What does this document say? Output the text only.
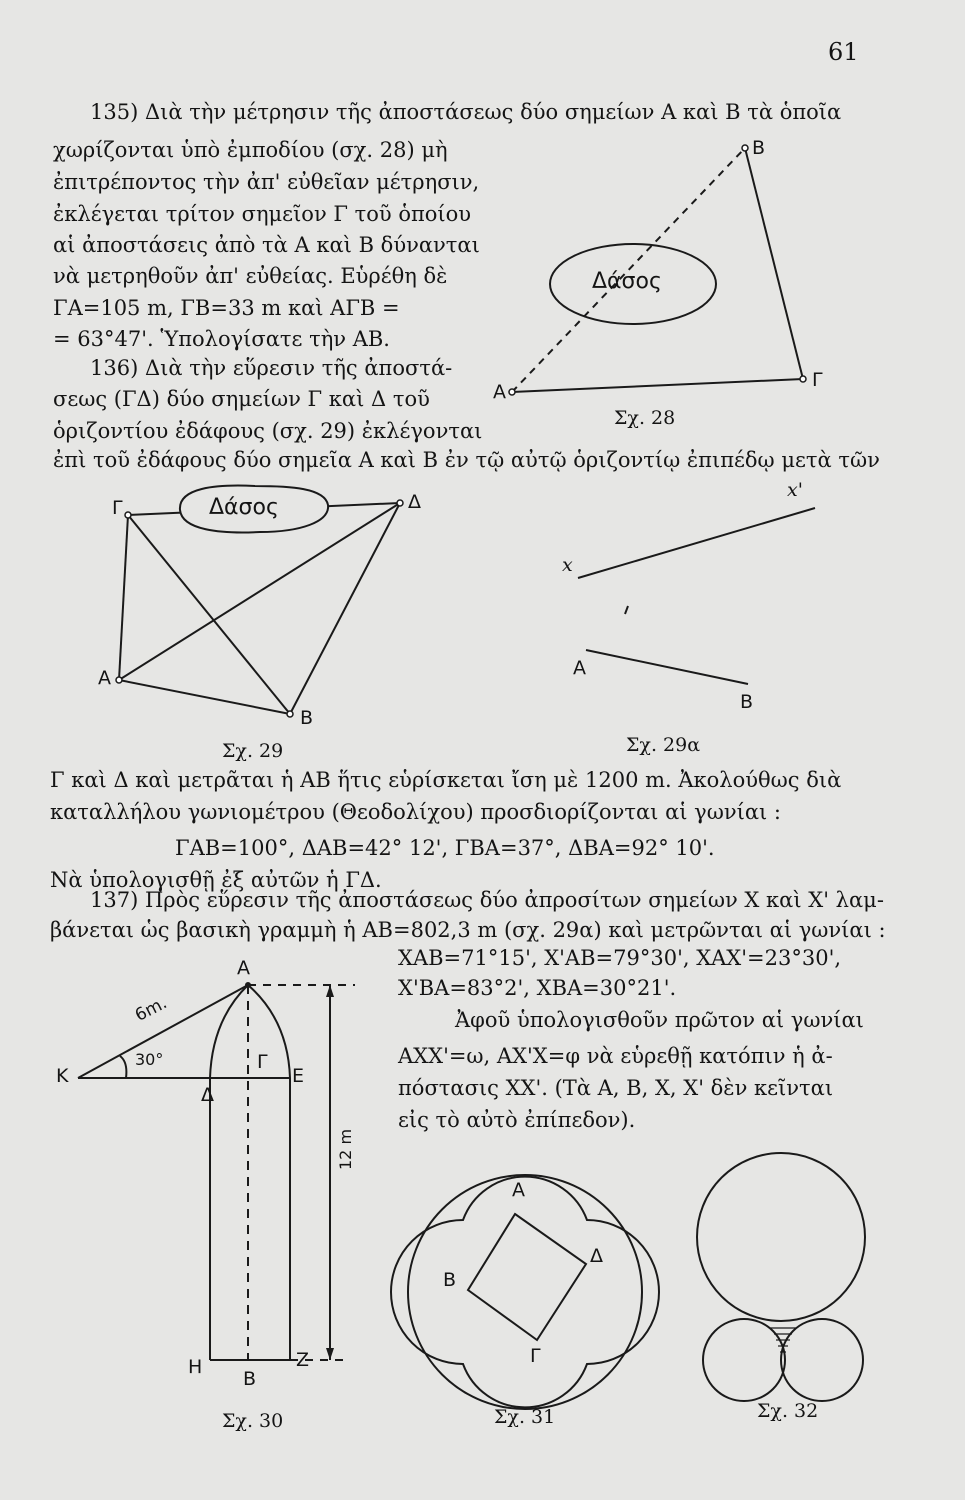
61
135) Διὰ τὴν μέτρησιν τῆς ἀποστάσεως δύο σημείων Α καὶ Β τὰ ὁποῖα
χωρίζονται ὑπὸ ἐμποδίου (σχ. 28) μὴ
ἐπιτρέποντος τὴν ἀπ' εὐθεῖαν μέτρησιν,
ἐκλέγεται τρίτον σημεῖον Γ τοῦ ὁποίου
αἱ ἀποστάσεις ἀπὸ τὰ Α καὶ Β δύνανται
νὰ μετρηθοῦν ἀπ' εὐθείας. Εὑρέθη δὲ
ΓΑ=105 m, ΓΒ=33 m καὶ ΑΓΒ =
= 63°47'. Ὑπολογίσατε τὴν ΑΒ.
136) Διὰ τὴν εὕρεσιν τῆς ἀποστά-
σεως (ΓΔ) δύο σημείων Γ καὶ Δ τοῦ
ὁριζοντίου ἐδάφους (σχ. 29) ἐκλέγονται
ἐπὶ τοῦ ἐδάφους δύο σημεῖα Α καὶ Β ἐν τῷ αὐτῷ ὁριζοντίῳ ἐπιπέδῳ μετὰ τῶν
Γ καὶ Δ καὶ μετρᾶται ἡ ΑΒ ἥτις εὑρίσκεται ἴση μὲ 1200 m. Ἀκολούθως διὰ
καταλλήλου γωνιομέτρου (Θεοδολίχου) προσδιορίζονται αἱ γωνίαι :
ΓΑΒ=100°, ΔΑΒ=42° 12', ΓΒΑ=37°, ΔΒΑ=92° 10'.
Νὰ ὑπολογισθῇ ἐξ αὐτῶν ἡ ΓΔ.
137) Πρὸς εὕρεσιν τῆς ἀποστάσεως δύο ἀπροσίτων σημείων Χ καὶ Χ' λαμ-
βάνεται ὡς βασικὴ γραμμὴ ἡ ΑΒ=802,3 m (σχ. 29α) καὶ μετρῶνται αἱ γωνίαι :
ΧΑΒ=71°15', Χ'ΑΒ=79°30', ΧΑΧ'=23°30',
Χ'ΒΑ=83°2', ΧΒΑ=30°21'.
Ἀφοῦ ὑπολογισθοῦν πρῶτον αἱ γωνίαι
ΑΧΧ'=ω, ΑΧ'Χ=φ νὰ εὑρεθῇ κατόπιν ἡ ἀ-
πόστασις ΧΧ'. (Τὰ Α, Β, Χ, Χ' δὲν κεῖνται
εἰς τὸ αὐτὸ ἐπίπεδον).
Δάσος
Α
Β
Γ
Σχ. 28
Δάσος
Γ	Δ
Α
Β
Σχ. 29
x
x'
Α
Β
Σχ. 29α
Α
K
Γ
Ε
Δ
Η
Β
Z
6m.
30°
12 m
Σχ. 30
Α
Β
Δ
Γ
Σχ. 31	Σχ. 32
